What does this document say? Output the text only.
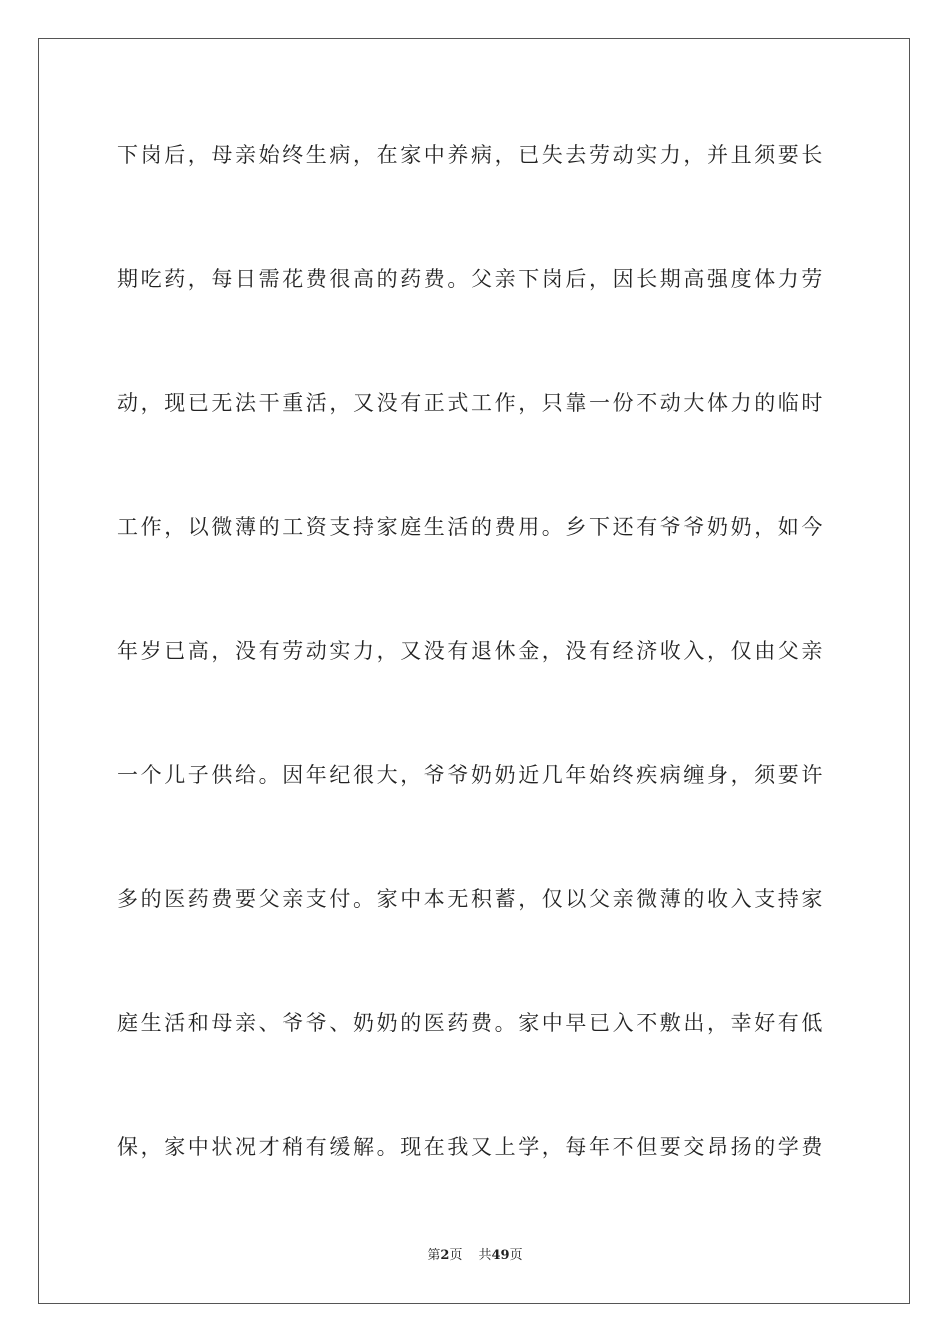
下岗后，母亲始终生病，在家中养病，已失去劳动实力，并且须要长
期吃药，每日需花费很高的药费。父亲下岗后，因长期高强度体力劳
动，现已无法干重活，又没有正式工作，只靠一份不动大体力的临时
工作，以微薄的工资支持家庭生活的费用。乡下还有爷爷奶奶，如今
年岁已高，没有劳动实力，又没有退休金，没有经济收入，仅由父亲
一个儿子供给。因年纪很大，爷爷奶奶近几年始终疾病缠身，须要许
多的医药费要父亲支付。家中本无积蓄，仅以父亲微薄的收入支持家
庭生活和母亲、爷爷、奶奶的医药费。家中早已入不敷出，幸好有低
保，家中状况才稍有缓解。现在我又上学，每年不但要交昂扬的学费
第2页 共49页
